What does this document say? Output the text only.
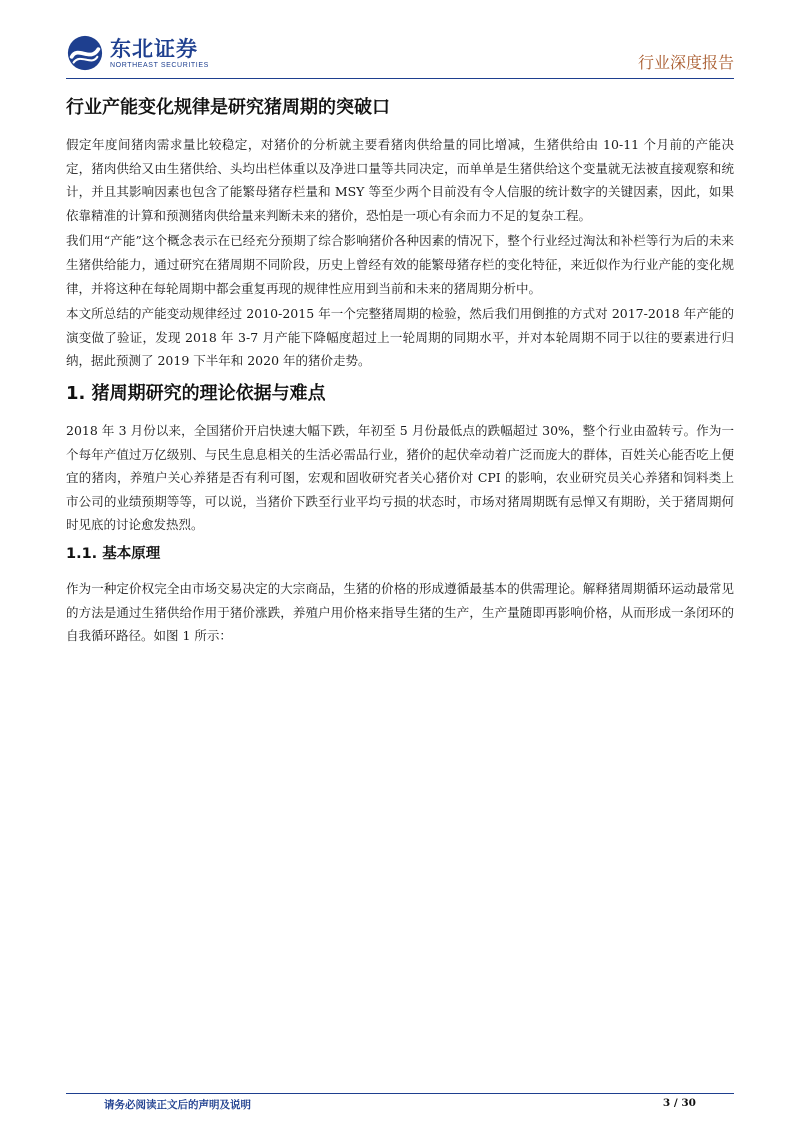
东北证券
NORTHEAST SECURITIES	行业深度报告
行业产能变化规律是研究猪周期的突破口

假定年度间猪肉需求量比较稳定，对猪价的分析就主要看猪肉供给量的同比增减，生猪供给由 10-11 个月前的产能决定，猪肉供给又由生猪供给、头均出栏体重以及净进口量等共同决定，而单单是生猪供给这个变量就无法被直接观察和统计，并且其影响因素也包含了能繁母猪存栏量和 MSY 等至少两个目前没有令人信服的统计数字的关键因素，因此，如果依靠精准的计算和预测猪肉供给量来判断未来的猪价，恐怕是一项心有余而力不足的复杂工程。

我们用“产能”这个概念表示在已经充分预期了综合影响猪价各种因素的情况下，整个行业经过淘汰和补栏等行为后的未来生猪供给能力，通过研究在猪周期不同阶段，历史上曾经有效的能繁母猪存栏的变化特征，来近似作为行业产能的变化规律，并将这种在每轮周期中都会重复再现的规律性应用到当前和未来的猪周期分析中。

本文所总结的产能变动规律经过 2010-2015 年一个完整猪周期的检验，然后我们用倒推的方式对 2017-2018 年产能的演变做了验证，发现 2018 年 3-7 月产能下降幅度超过上一轮周期的同期水平，并对本轮周期不同于以往的要素进行归纳，据此预测了 2019 下半年和 2020 年的猪价走势。

1. 猪周期研究的理论依据与难点

2018 年 3 月份以来，全国猪价开启快速大幅下跌，年初至 5 月份最低点的跌幅超过 30%，整个行业由盈转亏。作为一个每年产值过万亿级别、与民生息息相关的生活必需品行业，猪价的起伏牵动着广泛而庞大的群体，百姓关心能否吃上便宜的猪肉，养殖户关心养猪是否有利可图，宏观和固收研究者关心猪价对 CPI 的影响，农业研究员关心养猪和饲料类上市公司的业绩预期等等，可以说，当猪价下跌至行业平均亏损的状态时，市场对猪周期既有忌惮又有期盼，关于猪周期何时见底的讨论愈发热烈。

1.1. 基本原理

作为一种定价权完全由市场交易决定的大宗商品，生猪的价格的形成遵循最基本的供需理论。解释猪周期循环运动最常见的方法是通过生猪供给作用于猪价涨跌，养殖户用价格来指导生猪的生产，生产量随即再影响价格，从而形成一条闭环的自我循环路径。如图 1 所示：

请务必阅读正文后的声明及说明	3 / 30
